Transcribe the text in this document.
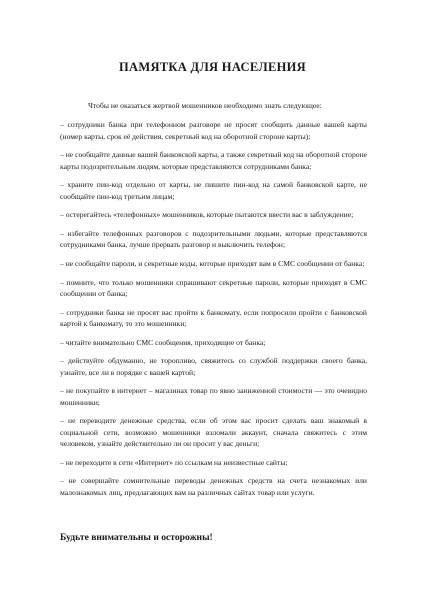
ПАМЯТКА ДЛЯ НАСЕЛЕНИЯ

Чтобы не оказаться жертвой мошенников необходимо знать следующее:

– сотрудники банка при телефонном разговоре не просят сообщить данные вашей карты (номер карты, срок её действия, секретный код на оборотной стороне карты);
– не сообщайте данные вашей банковской карты, а также секретный код на оборотной стороне карты подозрительным людям, которые представляются сотрудниками банка;
– храните пин-код отдельно от карты, не пишите пин-код на самой банковской карте, не сообщайте пин-код третьим лицам;
– остерегайтесь «телефонных» мошенников, которые пытаются ввести вас в заблуждение;
– избегайте телефонных разговоров с подозрительными людьми, которые представляются сотрудниками банка, лучше прервать разговор и выключить телефон;
– не сообщайте пароли, и секретные коды, которые приходят вам в СМС сообщении от банка;
– помните, что только мошенники спрашивают секретные пароли, которые приходят в СМС сообщении от банка;
– сотрудники банка не просят вас пройти к банкомату, если попросили пройти с банковской картой к банкомату, то это мошенники;
– читайте внимательно СМС сообщения, приходящие от банка;
– действуйте обдуманно, не торопливо, свяжитесь со службой поддержки своего банка, узнайте, все ли в порядке с вашей картой;
– не покупайте в интернет – магазинах товар по явно заниженной стоимости — это очевидно мошенники;
– не переводите денежные средства, если об этом вас просит сделать ваш знакомый в социальной сети, возможно мошенники взломали аккаунт, сначала свяжитесь с этим человеком, узнайте действительно ли он просит у вас деньги;
– не переходите в сети «Интернет» по ссылкам на неизвестные сайты;
– не совершайте сомнительные переводы денежных средств на счета незнакомых или малознакомых лиц, предлагающих вам на различных сайтах товар или услуги.

Будьте внимательны и осторожны!
